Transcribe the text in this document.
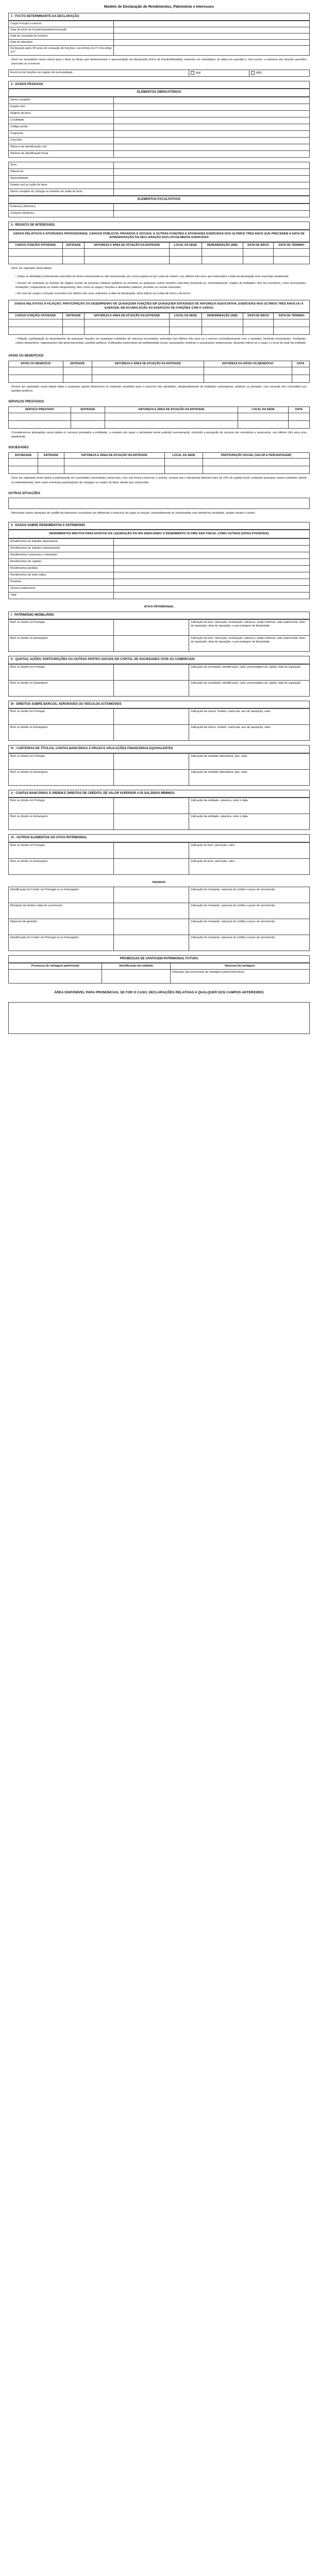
Modelo de Declaração de Rendimentos, Património e Interesses
1 - FACTO DETERMINANTE DA DECLARAÇÃO
Cargo/ Função a exercer	
Data de início de função/mandato/nomeação	
Data de cessação de funções	
Data de alteração	
Declaração após 3/6 anos de cessação de funções, nos termos do nº 4 do artigo 13.º	
Deve ser assinalado nesta coluna qual o facto ou factos que determinaram a apresentação da declaração (início de função/Mandato); havendo um mandatário, as datas em questão e, bem assim, a natureza das funções questões exercidas ou a exercer.
Exercício de funções em regime de exclusividade	SIM	NÃO
2 - DADOS PESSOAIS
ELEMENTOS OBRIGATÓRIOS
Nome completo	
Estado civil	
Regime de bens	
Localidade	
Código postal	
Freguesia	
Concelho	
Número de identificação civil	
Número de identificação fiscal	
Sexo	
Natural de	
Nacionalidade	
Estado civil ou união de facto	
Nome completo do cônjuge ou membro de união de facto	
ELEMENTOS FACULTATIVOS
Endereço eletrónico	
Contacto telefónico	
3 - REGISTO DE INTERESSES
DADOS RELATIVOS A ATIVIDADES PROFISSIONAIS, CARGOS PÚBLICOS, PRIVADOS E SOCIAIS, E OUTRAS FUNÇÕES E ATIVIDADES EXERCIDAS NOS ÚLTIMOS TRÊS ANOS QUE PRECEDEM A DATA DE APRESENTAÇÃO DA DECLARAÇÃO E/OU ATUALMENTE EXERCIDAS
CARGO/ FUNÇÃO/ ATIVIDADE	ENTIDADE	NATUREZA E ÁREA DE ATUAÇÃO DA ENTIDADE	LOCAL DA SEDE	REMUNERAÇÃO (SIM)	DATA DE INÍCIO	DATA DE TÉRMINO

Deve ser registado nesta tabela:
• Todas as atividades profissionais exercidas de forma remunerada ou não remunerada, por conta própria ou por conta de outrem, nos últimos três anos que antecedem a data da declaração e/ou exercidas atualmente;
• Devem ser indicadas as funções de órgãos sociais de pessoas coletivas públicas ou privadas ou quaisquer outras funções exercidas (incluindo-se, nomeadamente, órgãos de entidades sem fins lucrativos, como associações, fundações, cooperativas ou clubes desportivos), bem como os cargos, funções e atividades públicas, privadas ou sociais exercidas;
• No caso de cargos e funções exercidos nos últimos três anos anteriores à data da declaração, deve indicar-se a data de início e de termo.
DADOS RELATIVOS À FILIAÇÃO, PARTICIPAÇÃO OU DESEMPENHO DE QUAISQUER FUNÇÕES EM QUAISQUER ENTIDADES DE NATUREZA ASSOCIATIVA, EXERCIDAS NOS ÚLTIMOS TRÊS ANOS OU A EXERCER, EM ACUMULAÇÃO AO EXERCÍCIO DE FUNÇÕES COM O CARGO
CARGO/ FUNÇÃO/ ATIVIDADE	ENTIDADE	NATUREZA E ÁREA DE ATUAÇÃO DA ENTIDADE	LOCAL DA SEDE	REMUNERAÇÃO (SIM)	DATA DE INÍCIO	DATA DE TÉRMINO

• Filiação, participação ou desempenho de quaisquer funções em quaisquer entidades de natureza associativa, exercidas nos últimos três anos ou a exercer cumulativamente com o mandato, incluindo associações, fundações, clubes desportivos, organizações não governamentais, partidos políticos, instituições particulares de solidariedade social, associações sindicais e associações empresariais, devendo indicar-se o cargo e o local da sede da entidade.
APOIO OU BENEFÍCIOS
APOIO OU BENEFÍCIO	ENTIDADE	NATUREZA E ÁREA DE ATUAÇÃO DA ENTIDADE	NATUREZA DO APOIO OU BENEFÍCIO	DATA

Devem ser registados nesta tabela todos e quaisquer apoios financeiros ou materiais recebidos para o exercício das atividades, designadamente de entidades estrangeiras, públicas ou privadas, com exceção dos concedidos por partidos políticos.
SERVIÇOS PRESTADOS
SERVIÇO PRESTADO	ENTIDADE	NATUREZA E ÁREA DE ATUAÇÃO DA ENTIDADE	LOCAL DA SEDE	DATA

Consideram-se abrangidos nesta tabela os serviços prestados a entidades, a respeito dos quais o declarante tenha auferido remuneração, incluindo a prestação de serviços de consultoria e assessoria, nos últimos três anos e/ou atualmente.
SOCIEDADES
SOCIEDADE	ENTIDADE	NATUREZA E ÁREA DE ATUAÇÃO DA ENTIDADE	LOCAL DA SEDE	PARTICIPAÇÃO SOCIAL (VALOR E PERCENTAGEM)

Deve ser registada nesta tabela a participação em sociedades (sociedades comerciais, civis sob forma comercial, e outras), sempre que o declarante detenha mais de 10% do capital social, incluindo quaisquer outras entidades (direta ou indiretamente), bem como eventuais participações de cônjuges ou unidos de facto, desde que conhecidas.
OUTRAS SITUAÇÕES
Mencionar outras situações de conflito de interesses suscetíveis de influenciar o exercício do cargo ou função, nomeadamente as relacionadas com benefícios recebidos, quotas sociais e outras.
4 - DADOS SOBRE RENDIMENTOS E PATRIMÓNIO
RENDIMENTOS BRUTOS PARA EFEITOS DA LIQUIDAÇÃO DO IRS (INDICANDO O RENDIMENTO ÚLTIMO ANO FISCAL COMO OUTRAS DATAS POSSÍVEIS)
Rendimentos do trabalho dependente	
Rendimentos do trabalho independente	
Rendimentos comerciais e industriais	
Rendimentos de capitais	
Rendimentos prediais	
Rendimentos de mais-valias	
Pensões	
Outros rendimentos	
Total	
ATIVO PATRIMONIAL
I - PATRIMÓNIO IMOBILIÁRIO
Bem ou direito em Portugal		Indicação do bem, descrição, localização, natureza, artigo matricial, valor patrimonial, título de aquisição, data de aquisição, e percentagem de titularidade.
Bem ou direito no Estrangeiro		Indicação do bem, descrição, localização, natureza, artigo matricial, valor patrimonial, título de aquisição, data de aquisição, e percentagem de titularidade.
II - QUOTAS, AÇÕES, PARTICIPAÇÕES OU OUTRAS PARTES SOCIAIS DO CAPITAL DE SOCIEDADES CIVIS OU COMERCIAIS
Bem ou direito em Portugal		Indicação da sociedade, identificação, valor, percentagem de capital, data de aquisição.
Bem ou direito no Estrangeiro		Indicação da sociedade, identificação, valor, percentagem de capital, data de aquisição.
III - DIREITOS SOBRE BARCOS, AERONAVES OU VEÍCULOS AUTOMÓVEIS
Bem ou direito em Portugal		Indicação da marca, modelo, matrícula, ano de aquisição, valor.
Bem ou direito no Estrangeiro		Indicação da marca, modelo, matrícula, ano de aquisição, valor.
IV - CARTEIRAS DE TÍTULOS, CONTAS BANCÁRIAS À PRAZO E APLICAÇÕES FINANCEIRAS EQUIVALENTES
Bem ou direito em Portugal		Indicação da entidade depositária, tipo, valor.
Bem ou direito no Estrangeiro		Indicação da entidade depositária, tipo, valor.
V - CONTAS BANCÁRIAS À ORDEM E DIREITOS DE CRÉDITO, DE VALOR SUPERIOR A 50 SALÁRIOS MÍNIMOS
Bem ou direito em Portugal		Indicação da entidade, natureza, valor e data.
Bem ou direito no Estrangeiro		Indicação da entidade, natureza, valor e data.
VI - OUTROS ELEMENTOS DO ATIVO PATRIMONIAL
Bem ou direito em Portugal		Indicação do bem, descrição, valor.
Bem ou direito no Estrangeiro		Indicação do bem, descrição, valor.
PASSIVO
Identificação do Credor em Portugal ou no Estrangeiro		Indicação do montante, natureza do crédito e prazo de vencimento.
Montante da dívida e data de vencimento		Indicação do montante, natureza do crédito e prazo de vencimento.
Natureza de garantia		Indicação do montante, natureza do crédito e prazo de vencimento.
Identificação do Credor em Portugal ou no Estrangeiro		Indicação do montante, natureza do crédito e prazo de vencimento.
PROMESSAS DE VANTAGEM PATRIMONIAL FUTURA
Promessa de vantagem patrimonial	Identificação da entidade	Natureza da vantagem
		Indicação das promessas de vantagem patrimonial futura.
ÁREA DISPONÍVEL PARA PRONÚNCIAS, SE FOR O CASO, DECLARAÇÕES RELATIVAS A QUALQUER DOS CAMPOS ANTERIORES
